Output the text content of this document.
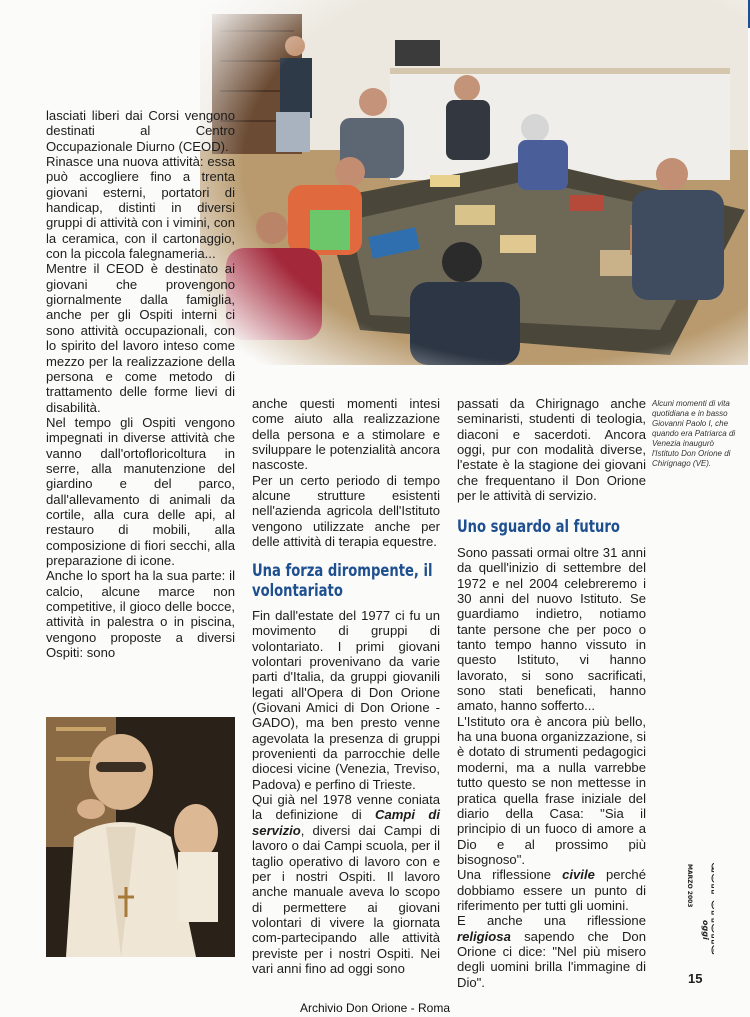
lasciati liberi dai Corsi vengono destinati al Centro Occupazionale Diurno (CEOD).

Rinasce una nuova attività: essa può accogliere fino a trenta giovani esterni, portatori di handicap, distinti in diversi gruppi di attività con i vimini, con la ceramica, con il cartonaggio, con la piccola falegnameria...

Mentre il CEOD è destinato ai giovani che provengono giornalmente dalla famiglia, anche per gli Ospiti interni ci sono attività occupazionali, con lo spirito del lavoro inteso come mezzo per la realizzazione della persona e come metodo di trattamento delle forme lievi di disabilità.

Nel tempo gli Ospiti vengono impegnati in diverse attività che vanno dall'ortofloricoltura in serre, alla manutenzione del giardino e del parco, dall'allevamento di animali da cortile, alla cura delle api, al restauro di mobili, alla composizione di fiori secchi, alla preparazione di icone.

Anche lo sport ha la sua parte: il calcio, alcune marce non competitive, il gioco delle bocce, attività in palestra o in piscina, vengono proposte a diversi Ospiti: sono

anche questi momenti intesi come aiuto alla realizzazione della persona e a stimolare e sviluppare le potenzialità ancora nascoste.

Per un certo periodo di tempo alcune strutture esistenti nell'azienda agricola dell'Istituto vengono utilizzate anche per delle attività di terapia equestre.

Una forza dirompente, il volontariato

Fin dall'estate del 1977 ci fu un movimento di gruppi di volontariato. I primi giovani volontari provenivano da varie parti d'Italia, da gruppi giovanili legati all'Opera di Don Orione (Giovani Amici di Don Orione - GADO), ma ben presto venne agevolata la presenza di gruppi provenienti da parrocchie delle diocesi vicine (Venezia, Treviso, Padova) e perfino di Trieste.

Qui già nel 1978 venne coniata la definizione di Campi di servizio, diversi dai Campi di lavoro o dai Campi scuola, per il taglio operativo di lavoro con e per i nostri Ospiti. Il lavoro anche manuale aveva lo scopo di permettere ai giovani volontari di vivere la giornata com-partecipando alle attività previste per i nostri Ospiti. Nei vari anni fino ad oggi sono

passati da Chirignago anche seminaristi, studenti di teologia, diaconi e sacerdoti. Ancora oggi, pur con modalità diverse, l'estate è la stagione dei giovani che frequentano il Don Orione per le attività di servizio.

Uno sguardo al futuro

Sono passati ormai oltre 31 anni da quell'inizio di settembre del 1972 e nel 2004 celebreremo i 30 anni del nuovo Istituto. Se guardiamo indietro, notiamo tante persone che per poco o tanto tempo hanno vissuto in questo Istituto, vi hanno lavorato, si sono sacrificati, sono stati beneficati, hanno amato, hanno sofferto...

L'Istituto ora è ancora più bello, ha una buona organizzazione, si è dotato di strumenti pedagogici moderni, ma a nulla varrebbe tutto questo se non mettesse in pratica quella frase iniziale del diario della Casa: "Sia il principio di un fuoco di amore a Dio e al prossimo più bisognoso".

Una riflessione civile perché dobbiamo essere un punto di riferimento per tutti gli uomini.

E anche una riflessione religiosa sapendo che Don Orione ci dice: "Nel più misero degli uomini brilla l'immagine di Dio".

Alcuni momenti di vita quotidiana e in basso Giovanni Paolo I, che quando era Patriarca di Venezia inaugurò l'Istituto Don Orione di Chirignago (VE).
don orione
oggi
MARZO 2003
15
Archivio Don Orione - Roma
